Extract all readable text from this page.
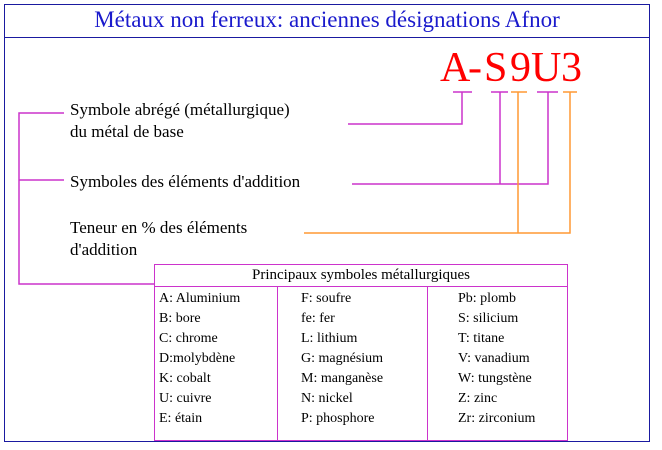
Métaux non ferreux: anciennes désignations Afnor
A
- S 9 U 3
Symbole abrégé (métallurgique)
du métal de base
Symboles des éléments d'addition
Teneur en % des éléments
d'addition
Principaux symboles métallurgiques
A: Aluminium
B: bore
C: chrome
D:molybdène
K: cobalt
U: cuivre
E: étain
F: soufre
fe: fer
L: lithium
G: magnésium
M: manganèse
N: nickel
P: phosphore
Pb: plomb
S: silicium
T: titane
V: vanadium
W: tungstène
Z: zinc
Zr: zirconium
